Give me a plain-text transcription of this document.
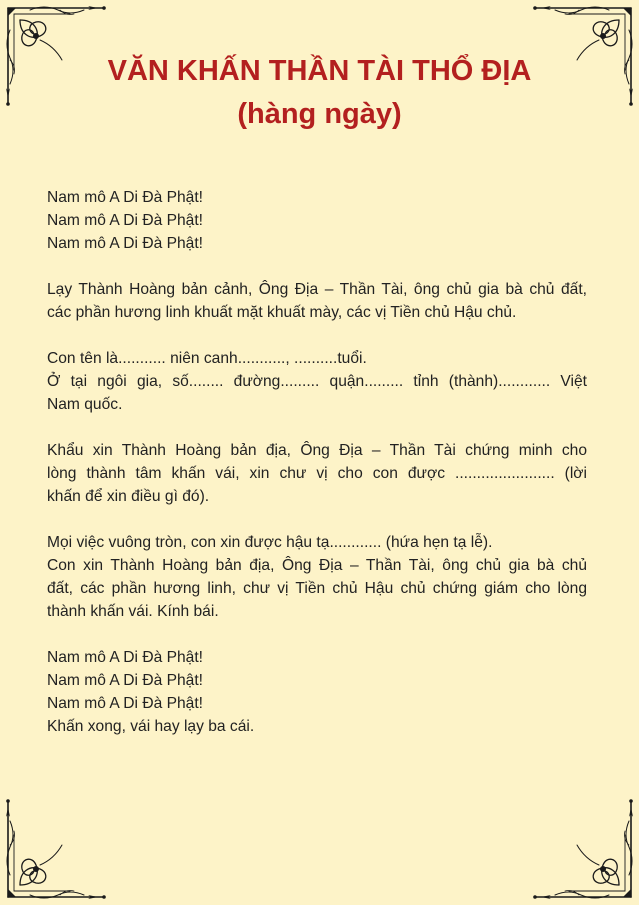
VĂN KHẤN THẦN TÀI THỔ ĐỊA
(hàng ngày)

Nam mô A Di Đà Phật!
Nam mô A Di Đà Phật!
Nam mô A Di Đà Phật!

Lạy Thành Hoàng bản cảnh, Ông Địa – Thần Tài, ông chủ gia bà chủ đất,
các phần hương linh khuất mặt khuất mày, các vị Tiền chủ Hậu chủ.

Con tên là........... niên canh..........., ..........tuổi.
Ở tại ngôi gia, số........ đường......... quận......... tỉnh (thành)............ Việt
Nam quốc.

Khẩu xin Thành Hoàng bản địa, Ông Địa – Thần Tài chứng minh cho
lòng thành tâm khấn vái, xin chư vị cho con được ....................... (lời
khấn để xin điều gì đó).

Mọi việc vuông tròn, con xin được hậu tạ............ (hứa hẹn tạ lễ).
Con xin Thành Hoàng bản địa, Ông Địa – Thần Tài, ông chủ gia bà chủ
đất, các phần hương linh, chư vị Tiền chủ Hậu chủ chứng giám cho lòng
thành khấn vái. Kính bái.

Nam mô A Di Đà Phật!
Nam mô A Di Đà Phật!
Nam mô A Di Đà Phật!
Khấn xong, vái hay lạy ba cái.
